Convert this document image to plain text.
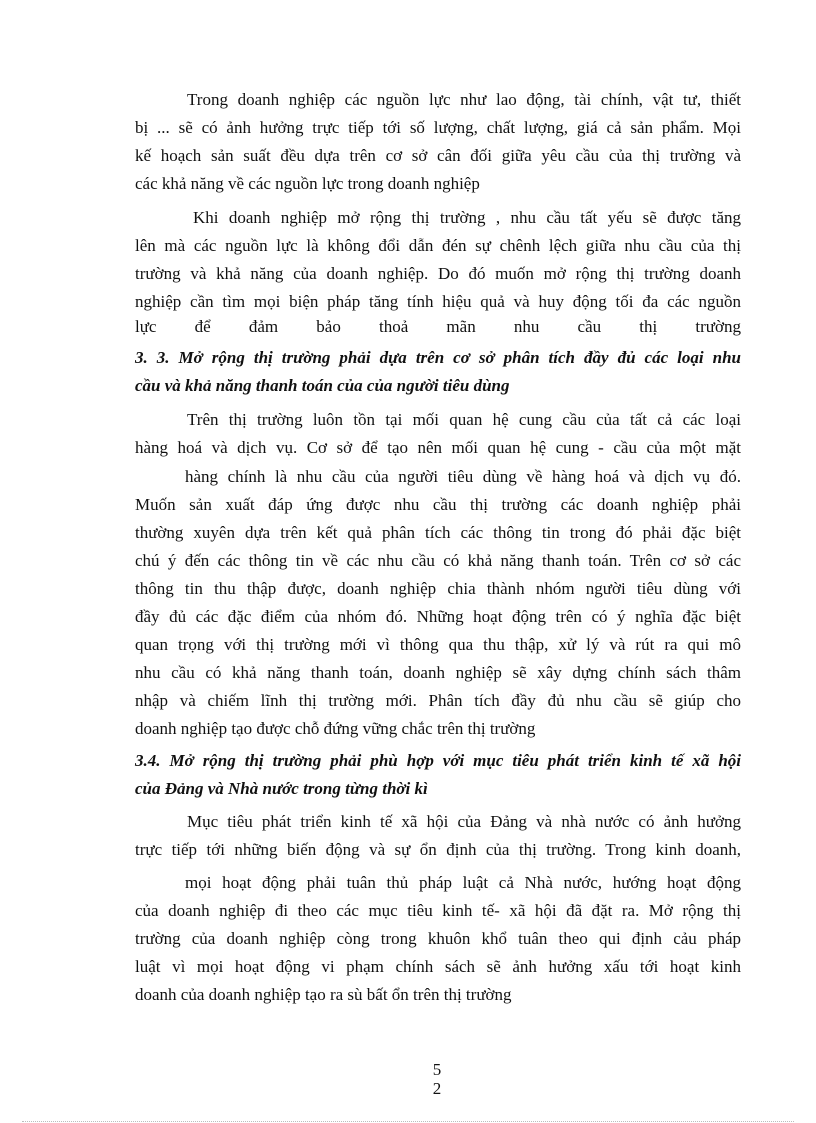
Trong doanh nghiệp các nguồn lực như lao động, tài chính, vật tư, thiết

bị ... sẽ có ảnh hưởng trực tiếp tới số lượng, chất lượng, giá cả sản phẩm. Mọi

kế hoạch sản suất đều dựa trên cơ sở cân đối giữa yêu cầu của thị trường và

các khả năng về các nguồn lực trong doanh nghiệp

Khi doanh nghiệp mở rộng thị trường , nhu cầu tất yếu sẽ được tăng

lên mà các nguồn lực là không đổi dẫn đén sự chênh lệch giữa nhu cầu của thị

trường và khả năng của doanh nghiệp. Do đó muốn mở rộng thị trường doanh

nghiệp cần tìm mọi biện pháp tăng tính hiệu quả và huy động tối đa các nguồn

lực để đảm bảo thoả mãn nhu cầu thị trường

3. 3. Mở rộng thị trường phải dựa trên cơ sở phân tích đầy đủ các loại nhu

cầu và khả năng thanh toán của của người tiêu dùng

Trên thị trường luôn tồn tại mối quan hệ cung cầu của tất cả các loại

hàng hoá và dịch vụ. Cơ sở để tạo nên mối quan hệ cung - cầu của một mặt

hàng chính là nhu cầu của người tiêu dùng về hàng hoá và dịch vụ đó.

Muốn sản xuất đáp ứng được nhu cầu thị trường các doanh nghiệp phải

thường xuyên dựa trên kết quả phân tích các thông tin trong đó phải đặc biệt

chú ý đến các thông tin về các nhu cầu có khả năng thanh toán. Trên cơ sở các

thông tin thu thập được, doanh nghiệp chia thành nhóm người tiêu dùng với

đầy đủ các đặc điểm của nhóm đó. Những hoạt động trên có ý nghĩa đặc biệt

quan trọng với thị trường mới vì thông qua thu thập, xử lý và rút ra qui mô

nhu cầu có khả năng thanh toán, doanh nghiệp sẽ xây dựng chính sách thâm

nhập và chiếm lĩnh thị trường mới. Phân tích đầy đủ nhu cầu sẽ giúp cho

doanh nghiệp tạo được chỗ đứng vững chắc trên thị trường

3.4. Mở rộng thị trường phải phù hợp với mục tiêu phát triển kinh tế xã hội

của Đảng và Nhà nước trong từng thời kì

Mục tiêu phát triển kinh tế xã hội của Đảng và nhà nước có ảnh hưởng

trực tiếp tới những biến động và sự ổn định của thị trường. Trong kinh doanh,

mọi hoạt động phải tuân thủ pháp luật cả Nhà nước, hướng hoạt động

của doanh nghiệp đi theo các mục tiêu kinh tế- xã hội đã đặt ra. Mở rộng thị

trường của doanh nghiệp còng trong khuôn khổ tuân theo qui định cảu pháp

luật vì mọi hoạt động vi phạm chính sách sẽ ảnh hưởng xấu tới hoạt kinh

doanh của doanh nghiệp tạo ra sù bất ổn trên thị trường

5

2
